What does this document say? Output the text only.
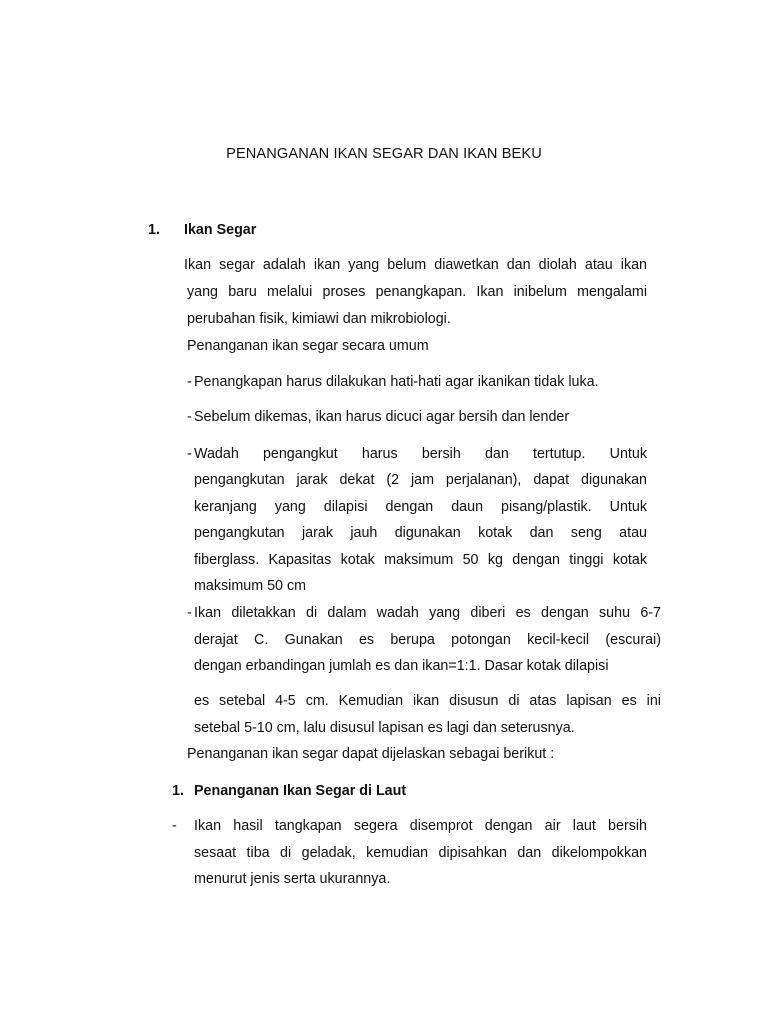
PENANGANAN IKAN SEGAR DAN IKAN BEKU
1. Ikan Segar
Ikan segar adalah ikan yang belum diawetkan dan diolah atau ikan
yang baru melalui proses penangkapan. Ikan inibelum mengalami
perubahan fisik, kimiawi dan mikrobiologi.
Penanganan ikan segar secara umum
- Penangkapan harus dilakukan hati-hati agar ikanikan tidak luka.
- Sebelum dikemas, ikan harus dicuci agar bersih dan lender
- Wadah pengangkut harus bersih dan tertutup. Untuk
pengangkutan jarak dekat (2 jam perjalanan), dapat digunakan
keranjang yang dilapisi dengan daun pisang/plastik. Untuk
pengangkutan jarak jauh digunakan kotak dan seng atau
fiberglass. Kapasitas kotak maksimum 50 kg dengan tinggi kotak
maksimum 50 cm
- Ikan diletakkan di dalam wadah yang diberi es dengan suhu 6-7
derajat C. Gunakan es berupa potongan kecil-kecil (escurai)
dengan erbandingan jumlah es dan ikan=1:1. Dasar kotak dilapisi
es setebal 4-5 cm. Kemudian ikan disusun di atas lapisan es ini
setebal 5-10 cm, lalu disusul lapisan es lagi dan seterusnya.
Penanganan ikan segar dapat dijelaskan sebagai berikut :
1. Penanganan Ikan Segar di Laut
- Ikan hasil tangkapan segera disemprot dengan air laut bersih
sesaat tiba di geladak, kemudian dipisahkan dan dikelompokkan
menurut jenis serta ukurannya.
